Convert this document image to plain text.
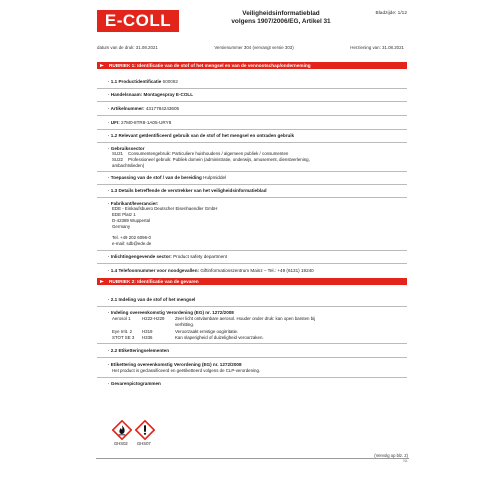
E-COLL	Veiligheidsinformatieblad
volgens 1907/2006/EG, Artikel 31
Bladzijde: 1/12
datum van de druk: 31.08.2021	Versienummer 304 (vervangt versie 303)	Herziening van: 31.08.2021
RUBRIEK 1: Identificatie van de stof of het mengsel en van de vennootschap/onderneming
· 1.1 Productidentificatie 600082
· Handelsnaam: Montagespray E-COLL
· Artikelnummer: 4317784243605
· UFI: 27M0-8TR8-1A05-URY8
· 1.2 Relevant geïdentificeerd gebruik van de stof of het mengsel en ontraden gebruik
· Gebruikssector
SU21 Consumentengebruik: Particuliere huishoudens / algemeen publiek / consumenten
SU22 Professioneel gebruik: Publiek domein (administratie, onderwijs, amusement, dienstverlening,
ambachtslieden)
· Toepassing van de stof / van de bereiding Hulpmiddel
· 1.3 Details betreffende de verstrekker van het veiligheidsinformatieblad
· Fabrikant/leverancier:
EDE - Einkaufsbuero Deutscher Eisenhaendler GmbH
EDE Platz 1
D-42389 Wuppertal
Germany
Tel. +49 202 6096-0
e-mail: sdb@ede.de
· Inlichtingengevende sector: Product safety department
· 1.4 Telefoonnummer voor noodgevallen: Giftinformationszentrum Mainz – Tel.: +49 (6131) 19240
RUBRIEK 2: Identificatie van de gevaren
· 2.1 Indeling van de stof of het mengsel
· Indeling overeenkomstig Verordening (EG) nr. 1272/2008
Aerosol 1	H222-H229 Zeer licht ontvlambare aerosol. Houder onder druk: kan open barsten bij
verhitting.
Eye Irrit. 2 H319	Veroorzaakt ernstige oogirritatie.
STOT SE 3 H336	Kan slaperigheid of duizeligheid veroorzaken.
· 2.2 Etiketteringselementen
· Etikettering overeenkomstig Verordening (EG) nr. 1272/2008
Het product is geclassificeerd en geëtiketteerd volgens de CLP-verordening.
· Gevarenpictogrammen
GHS02 GHS07
(Vervolg op blz. 2)
NL
